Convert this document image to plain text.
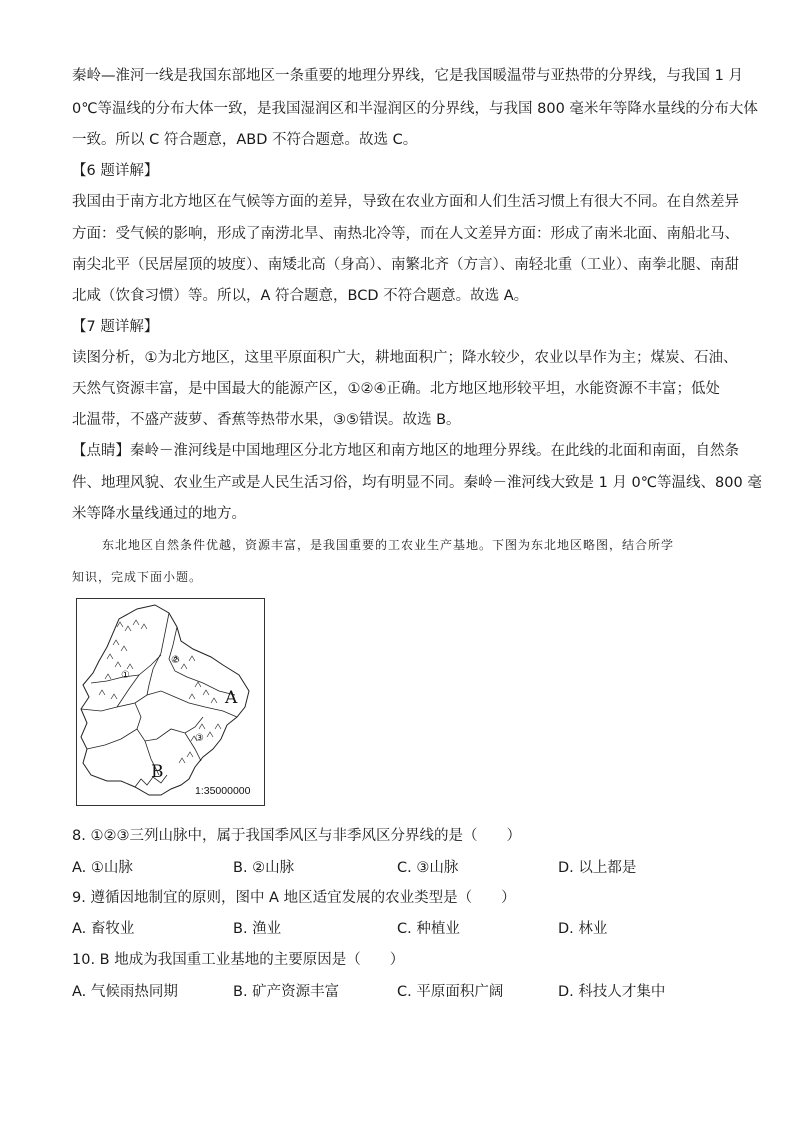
秦岭—淮河一线是我国东部地区一条重要的地理分界线，它是我国暖温带与亚热带的分界线，与我国 1 月
0℃等温线的分布大体一致，是我国湿润区和半湿润区的分界线，与我国 800 毫米年等降水量线的分布大体
一致。所以 C 符合题意，ABD 不符合题意。故选 C。
【6 题详解】
我国由于南方北方地区在气候等方面的差异，导致在农业方面和人们生活习惯上有很大不同。在自然差异
方面：受气候的影响，形成了南涝北旱、南热北冷等，而在人文差异方面：形成了南米北面、南船北马、
南尖北平（民居屋顶的坡度）、南矮北高（身高）、南繁北齐（方言）、南轻北重（工业）、南拳北腿、南甜
北咸（饮食习惯）等。所以，A 符合题意，BCD 不符合题意。故选 A。
【7 题详解】
读图分析，①为北方地区，这里平原面积广大，耕地面积广；降水较少，农业以旱作为主；煤炭、石油、
天然气资源丰富，是中国最大的能源产区，①②④正确。北方地区地形较平坦，水能资源不丰富；低处
北温带，不盛产菠萝、香蕉等热带水果，③⑤错误。故选 B。
【点睛】秦岭－淮河线是中国地理区分北方地区和南方地区的地理分界线。在此线的北面和南面，自然条
件、地理风貌、农业生产或是人民生活习俗，均有明显不同。秦岭－淮河线大致是 1 月 0℃等温线、800 毫
米等降水量线通过的地方。
东北地区自然条件优越，资源丰富，是我国重要的工农业生产基地。下图为东北地区略图，结合所学
知识，完成下面小题。
①
②
③
A
B
1:35000000
8. ①②③三列山脉中，属于我国季风区与非季风区分界线的是（　　）
A. ①山脉	B. ②山脉	C. ③山脉	D. 以上都是
9. 遵循因地制宜的原则，图中 A 地区适宜发展的农业类型是（　　）
A. 畜牧业	B. 渔业	C. 种植业	D. 林业
10. B 地成为我国重工业基地的主要原因是（　　）
A. 气候雨热同期	B. 矿产资源丰富	C. 平原面积广阔	D. 科技人才集中
